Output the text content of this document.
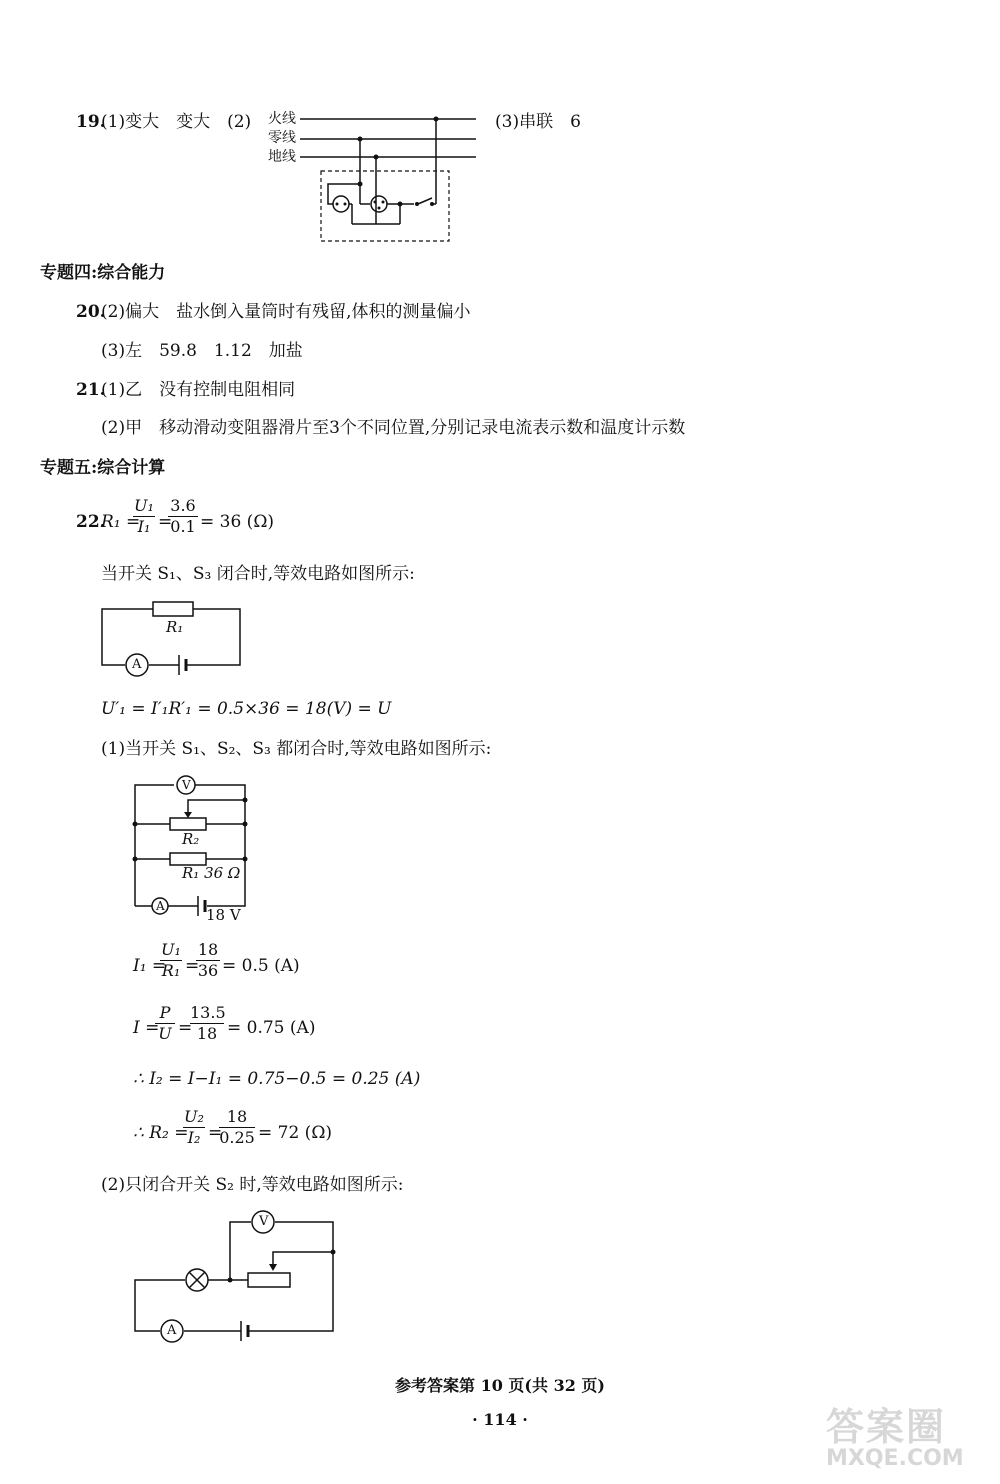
19.
(1)变大　变大　(2) 火线
零线
地线
(3)串联　6
专题四:综合能力
20.
(2)偏大　盐水倒入量筒时有残留,体积的测量偏小
(3)左　59.8　1.12　加盐
21.
(1)乙　没有控制电阻相同
(2)甲　移动滑动变阻器滑片至3个不同位置,分别记录电流表示数和温度计示数
专题五:综合计算
22.
R₁ =
U₁
I₁ =
3.6
0.1 = 36 (Ω)
当开关 S₁、S₃ 闭合时,等效电路如图所示:
R₁
A
U′₁ = I′₁R′₁ = 0.5×36 = 18(V) = U
(1)当开关 S₁、S₂、S₃ 都闭合时,等效电路如图所示:
V
R₂
R₁ 36 Ω
A	18 V
I₁ =
U₁
R₁ =
18
36 = 0.5 (A)
I =
P
U =
13.5
18 = 0.75 (A)
∴ I₂ = I−I₁ = 0.75−0.5 = 0.25 (A)
∴ R₂ =
U₂
I₂ =
18
0.25 = 72 (Ω)
(2)只闭合开关 S₂ 时,等效电路如图所示:
V
A
参考答案第 10 页(共 32 页)
· 114 ·	答案圈
MXQE.COM
